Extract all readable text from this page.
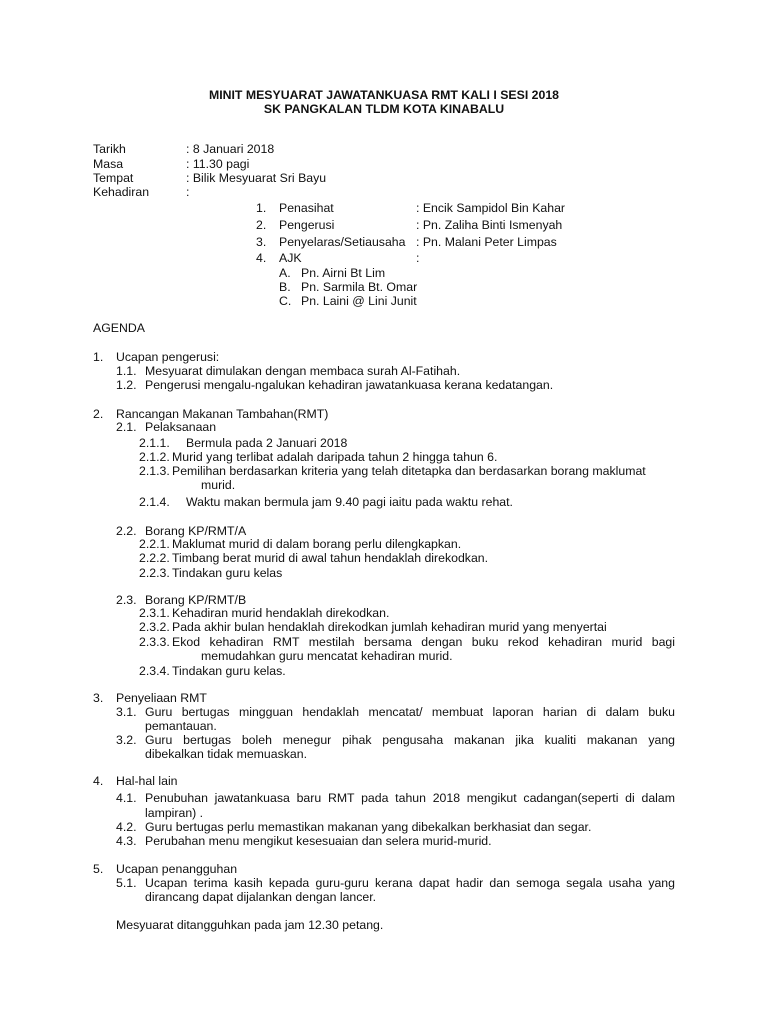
MINIT MESYUARAT JAWATANKUASA RMT KALI I SESI 2018
SK PANGKALAN TLDM KOTA KINABALU
Tarikh	: 8 Januari 2018
Masa	: 11.30 pagi
Tempat	: Bilik Mesyuarat Sri Bayu
Kehadiran	:
1. Penasihat	: Encik Sampidol Bin Kahar
2. Pengerusi	: Pn. Zaliha Binti Ismenyah
3. Penyelaras/Setiausaha : Pn. Malani Peter Limpas
4. AJK	:
A. Pn. Airni Bt Lim
B. Pn. Sarmila Bt. Omar
C. Pn. Laini @ Lini Junit
AGENDA
1. Ucapan pengerusi:
1.1. Mesyuarat dimulakan dengan membaca surah Al-Fatihah.
1.2. Pengerusi mengalu-ngalukan kehadiran jawatankuasa kerana kedatangan.
2. Rancangan Makanan Tambahan(RMT)
2.1. Pelaksanaan
2.1.1. Bermula pada 2 Januari 2018
2.1.2. Murid yang terlibat adalah daripada tahun 2 hingga tahun 6.
2.1.3. Pemilihan berdasarkan kriteria yang telah ditetapka dan berdasarkan borang maklumat
murid.
2.1.4. Waktu makan bermula jam 9.40 pagi iaitu pada waktu rehat.
2.2. Borang KP/RMT/A
2.2.1. Maklumat murid di dalam borang perlu dilengkapkan.
2.2.2. Timbang berat murid di awal tahun hendaklah direkodkan.
2.2.3. Tindakan guru kelas
2.3. Borang KP/RMT/B
2.3.1. Kehadiran murid hendaklah direkodkan.
2.3.2. Pada akhir bulan hendaklah direkodkan jumlah kehadiran murid yang menyertai
2.3.3. Ekod kehadiran RMT mestilah bersama dengan buku rekod kehadiran murid bagi
memudahkan guru mencatat kehadiran murid.
2.3.4. Tindakan guru kelas.
3. Penyeliaan RMT
3.1. Guru bertugas mingguan hendaklah mencatat/ membuat laporan harian di dalam buku
pemantauan.
3.2. Guru bertugas boleh menegur pihak pengusaha makanan jika kualiti makanan yang
dibekalkan tidak memuaskan.
4. Hal-hal lain
4.1. Penubuhan jawatankuasa baru RMT pada tahun 2018 mengikut cadangan(seperti di dalam
lampiran) .
4.2. Guru bertugas perlu memastikan makanan yang dibekalkan berkhasiat dan segar.
4.3. Perubahan menu mengikut kesesuaian dan selera murid-murid.
5. Ucapan penangguhan
5.1. Ucapan terima kasih kepada guru-guru kerana dapat hadir dan semoga segala usaha yang
dirancang dapat dijalankan dengan lancer.
Mesyuarat ditangguhkan pada jam 12.30 petang.
